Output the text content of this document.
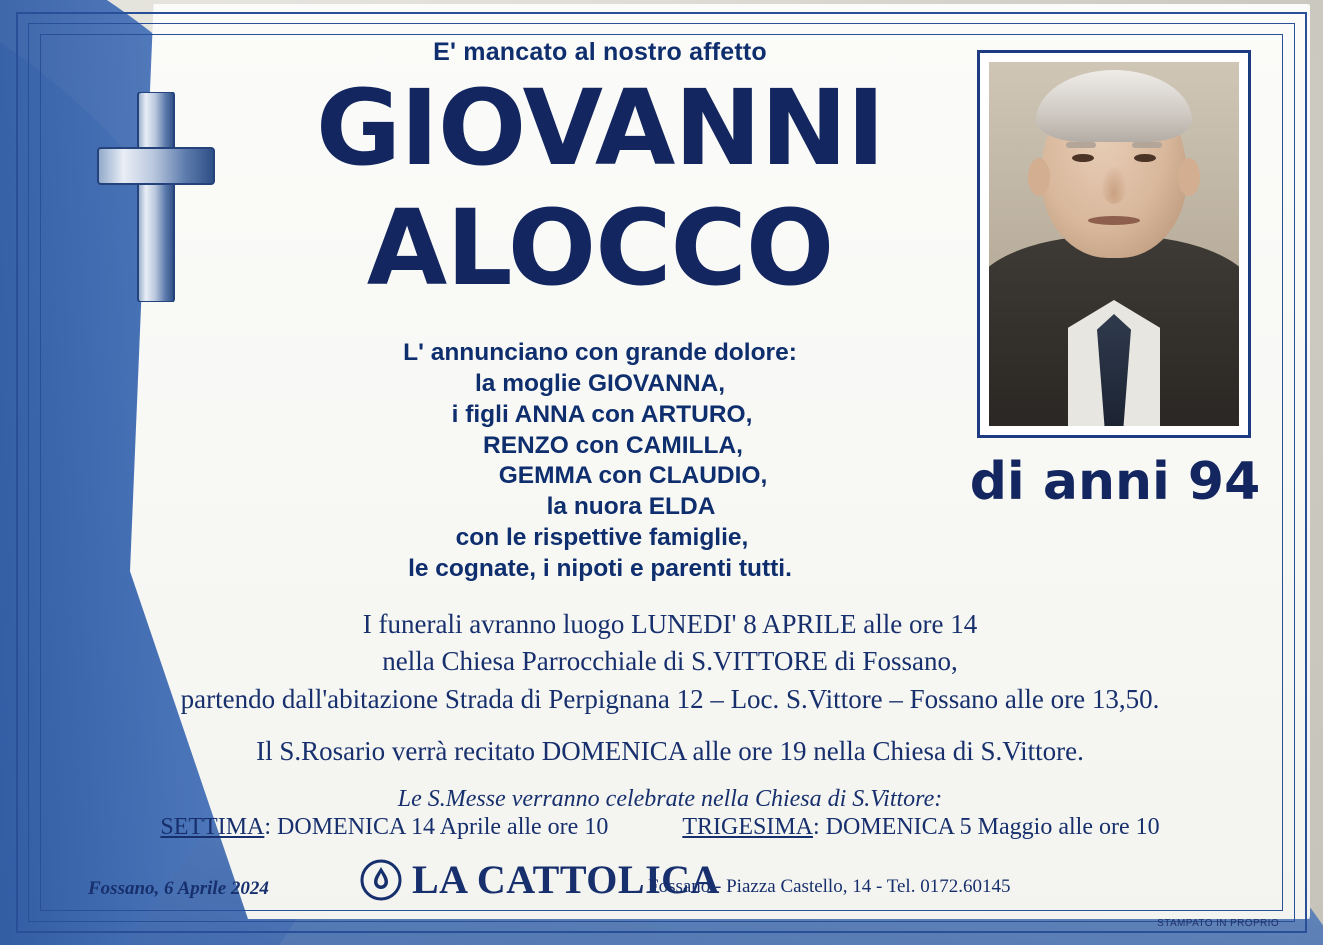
E' mancato al nostro affetto
GIOVANNI
ALOCCO
L' annunciano con grande dolore:
la moglie GIOVANNA,
i figli ANNA con ARTURO,
RENZO con CAMILLA,
GEMMA con CLAUDIO,
la nuora ELDA
con le rispettive famiglie,
le cognate, i nipoti e parenti tutti.
I funerali avranno luogo LUNEDI' 8 APRILE alle ore 14
nella Chiesa Parrocchiale di S.VITTORE di Fossano,
partendo dall'abitazione Strada di Perpignana 12 – Loc. S.Vittore – Fossano alle ore 13,50.
Il S.Rosario verrà recitato DOMENICA alle ore 19 nella Chiesa di S.Vittore.
Le S.Messe verranno celebrate nella Chiesa di S.Vittore:
SETTIMA: DOMENICA 14 Aprile alle ore 10	TRIGESIMA: DOMENICA 5 Maggio alle ore 10
di anni 94
Fossano, 6 Aprile 2024	LA CATTOLICA
Fossano - Piazza Castello, 14 - Tel. 0172.60145
STAMPATO IN PROPRIO
